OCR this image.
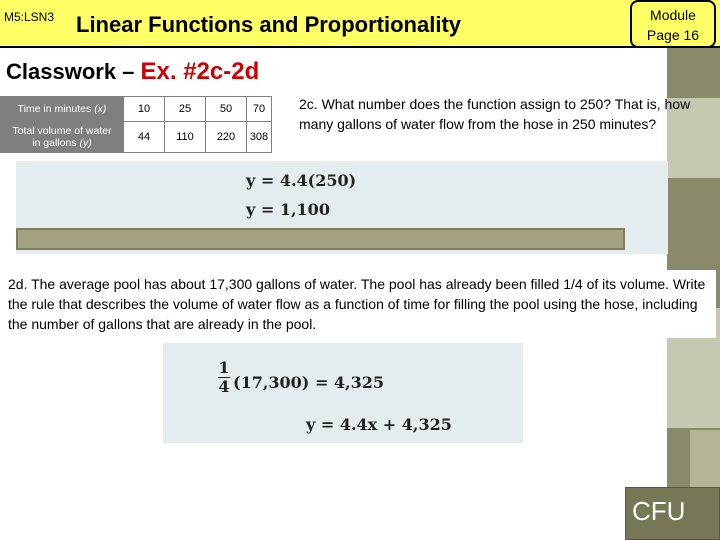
M5:LSN3 Linear Functions and Proportionality	Module
Page 16
Classwork – Ex. #2c-2d
Time in minutes (x)	10	25	50	70
Total volume of water
in gallons (y)	44	110	220	308
2c. What number does the function assign to 250? That is, how many gallons of water flow from the hose in 250 minutes?
y = 4.4(250)
y = 1,100
2d. The average pool has about 17,300 gallons of water. The pool has already been filled 1/4 of its volume. Write the rule that describes the volume of water flow as a function of time for filling the pool using the hose, including the number of gallons that are already in the pool.
$\frac{1}{4} (17,300) = 4,325$
y = 4.4x + 4,325
CFU
